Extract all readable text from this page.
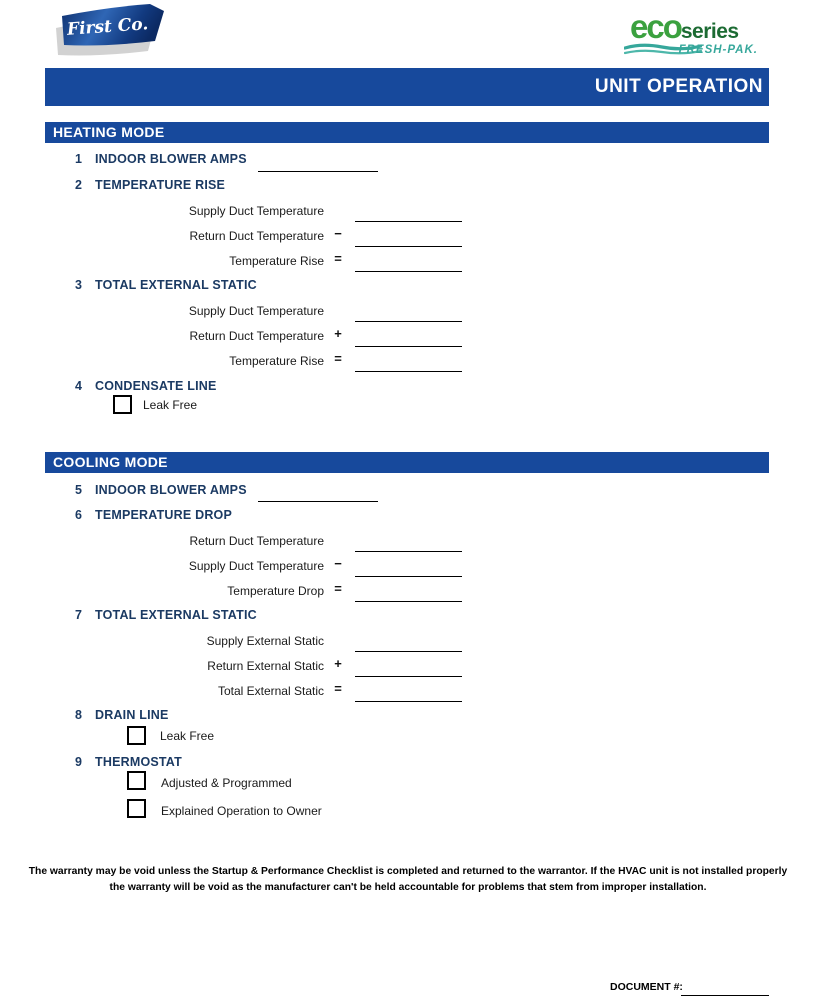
First Co.	ecoseries
FRESH-PAK.
UNIT OPERATION
HEATING MODE
1 INDOOR BLOWER AMPS
2 TEMPERATURE RISE
Supply Duct Temperature
Return Duct Temperature −
Temperature Rise =
3 TOTAL EXTERNAL STATIC
Supply Duct Temperature
Return Duct Temperature +
Temperature Rise =
4 CONDENSATE LINE
Leak Free
COOLING MODE
5 INDOOR BLOWER AMPS
6 TEMPERATURE DROP
Return Duct Temperature
Supply Duct Temperature −
Temperature Drop =
7 TOTAL EXTERNAL STATIC
Supply External Static
Return External Static +
Total External Static =
8 DRAIN LINE
Leak Free
9 THERMOSTAT
Adjusted & Programmed
Explained Operation to Owner
The warranty may be void unless the Startup & Performance Checklist is completed and returned to the warrantor. If the HVAC unit is not installed properly
the warranty will be void as the manufacturer can't be held accountable for problems that stem from improper installation.
DOCUMENT #:
